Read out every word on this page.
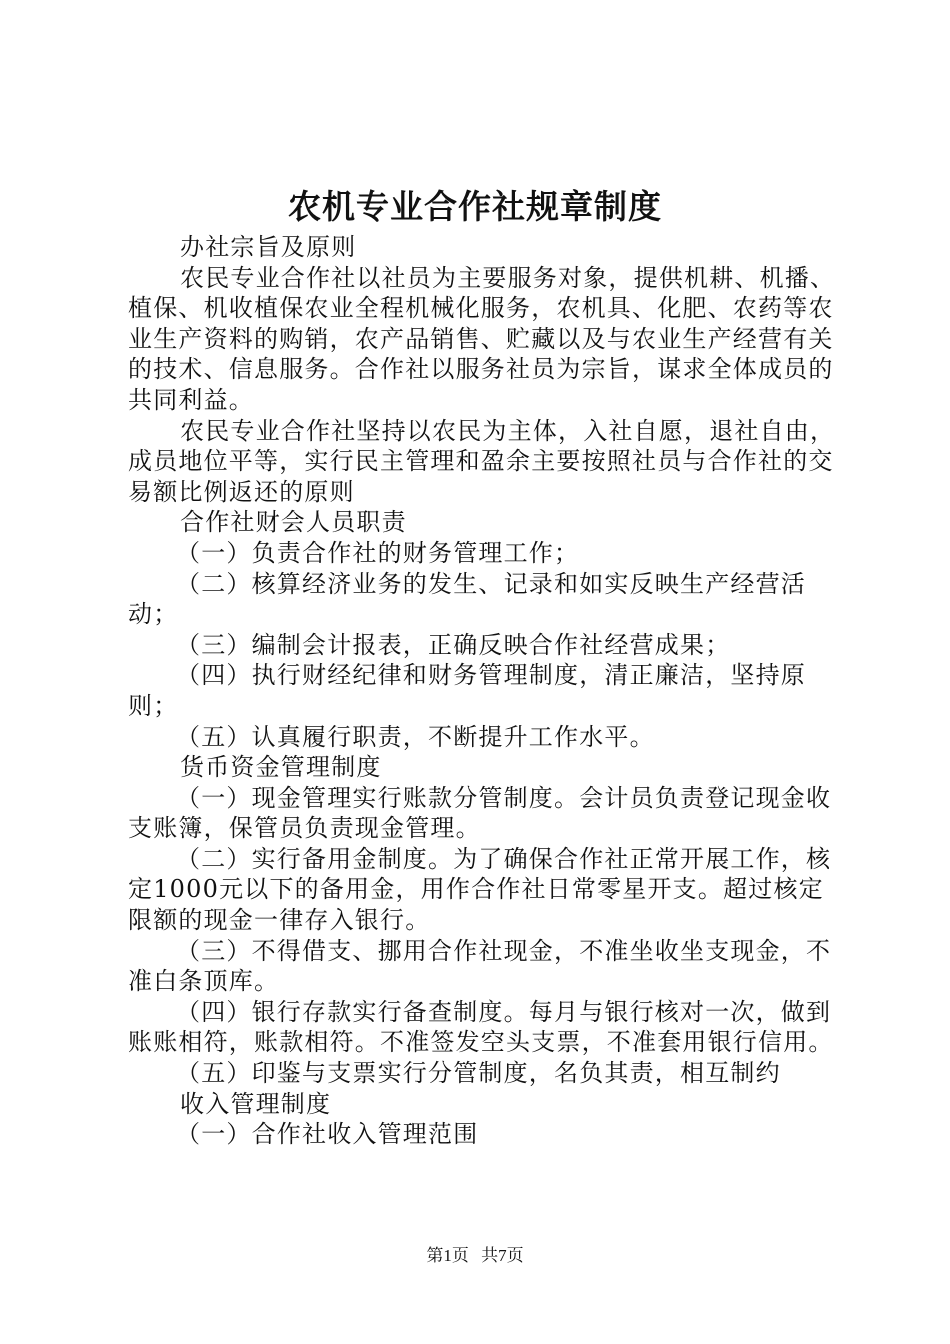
农机专业合作社规章制度

办社宗旨及原则

农民专业合作社以社员为主要服务对象，提供机耕、机播、植保、机收植保农业全程机械化服务，农机具、化肥、农药等农业生产资料的购销，农产品销售、贮藏以及与农业生产经营有关的技术、信息服务。合作社以服务社员为宗旨，谋求全体成员的共同利益。

农民专业合作社坚持以农民为主体，入社自愿，退社自由，成员地位平等，实行民主管理和盈余主要按照社员与合作社的交易额比例返还的原则

合作社财会人员职责

（一）负责合作社的财务管理工作；

（二）核算经济业务的发生、记录和如实反映生产经营活动；

（三）编制会计报表，正确反映合作社经营成果；

（四）执行财经纪律和财务管理制度，清正廉洁，坚持原则；

（五）认真履行职责，不断提升工作水平。

货币资金管理制度

（一）现金管理实行账款分管制度。会计员负责登记现金收支账簿，保管员负责现金管理。

（二）实行备用金制度。为了确保合作社正常开展工作，核定1000元以下的备用金，用作合作社日常零星开支。超过核定限额的现金一律存入银行。

（三）不得借支、挪用合作社现金，不准坐收坐支现金，不准白条顶库。

（四）银行存款实行备查制度。每月与银行核对一次，做到账账相符，账款相符。不准签发空头支票，不准套用银行信用。

（五）印鉴与支票实行分管制度，名负其责，相互制约

收入管理制度

（一）合作社收入管理范围

第1页 共7页
